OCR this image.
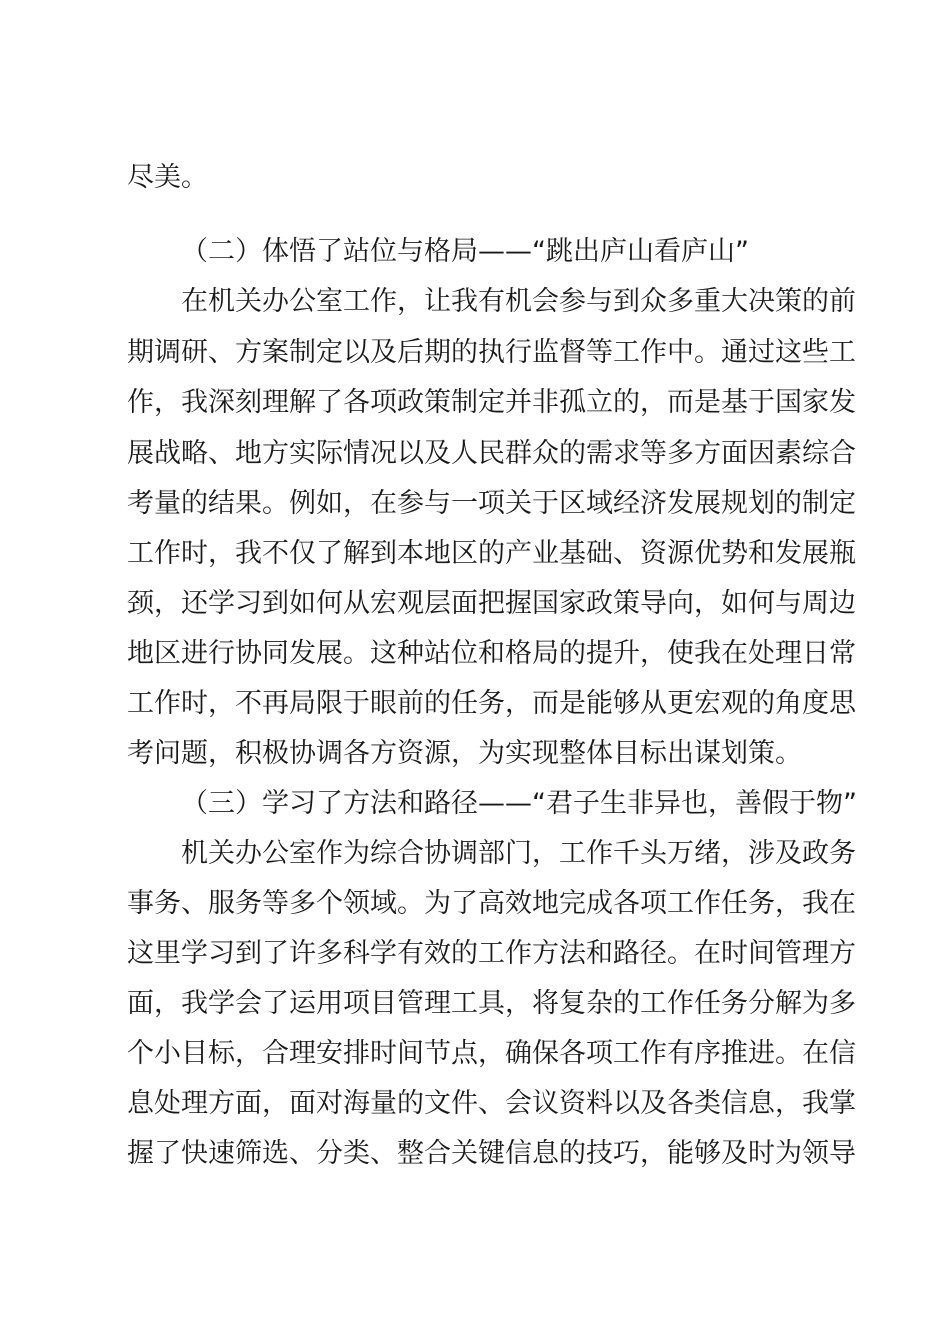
尽美。
（二）体悟了站位与格局——“跳出庐山看庐山”
在机关办公室工作，让我有机会参与到众多重大决策的前
期调研、方案制定以及后期的执行监督等工作中。通过这些工
作，我深刻理解了各项政策制定并非孤立的，而是基于国家发
展战略、地方实际情况以及人民群众的需求等多方面因素综合
考量的结果。例如，在参与一项关于区域经济发展规划的制定
工作时，我不仅了解到本地区的产业基础、资源优势和发展瓶
颈，还学习到如何从宏观层面把握国家政策导向，如何与周边
地区进行协同发展。这种站位和格局的提升，使我在处理日常
工作时，不再局限于眼前的任务，而是能够从更宏观的角度思
考问题，积极协调各方资源，为实现整体目标出谋划策。
（三）学习了方法和路径——“君子生非异也，善假于物”
机关办公室作为综合协调部门，工作千头万绪，涉及政务
事务、服务等多个领域。为了高效地完成各项工作任务，我在
这里学习到了许多科学有效的工作方法和路径。在时间管理方
面，我学会了运用项目管理工具，将复杂的工作任务分解为多
个小目标，合理安排时间节点，确保各项工作有序推进。在信
息处理方面，面对海量的文件、会议资料以及各类信息，我掌
握了快速筛选、分类、整合关键信息的技巧，能够及时为领导
